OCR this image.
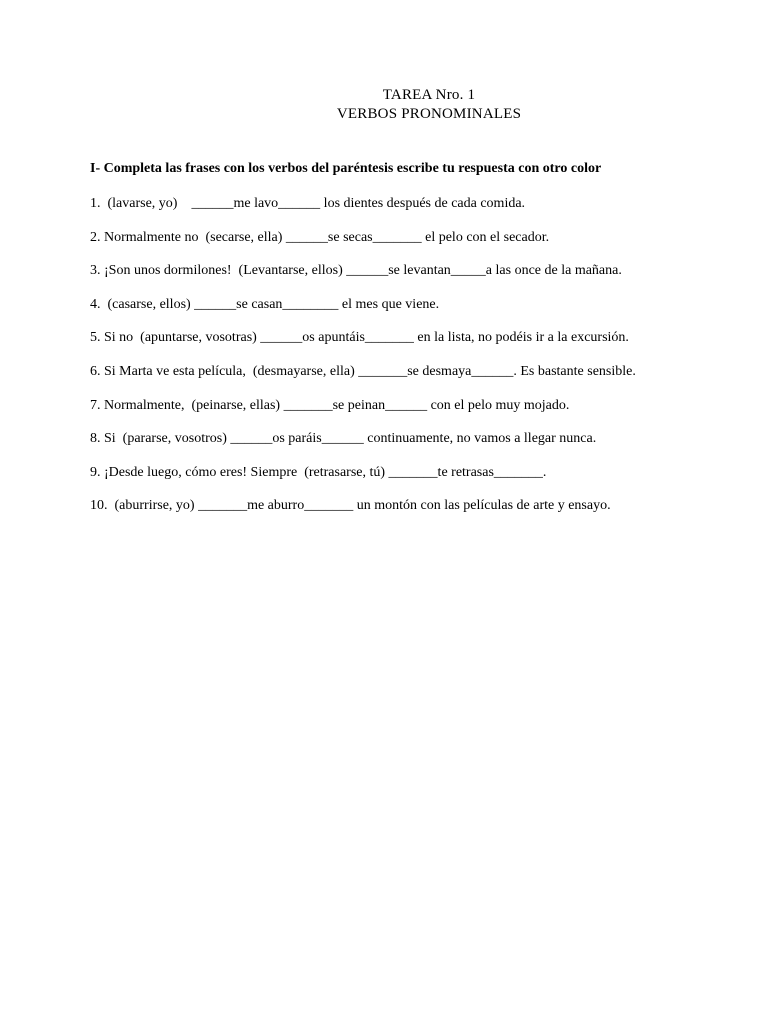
TAREA Nro. 1

VERBOS PRONOMINALES

I- Completa las frases con los verbos del paréntesis escribe tu respuesta con otro color

1.  (lavarse, yo)    ______me lavo______ los dientes después de cada comida.
2. Normalmente no  (secarse, ella) ______se secas_______ el pelo con el secador.
3. ¡Son unos dormilones!  (Levantarse, ellos) ______se levantan_____a las once de la mañana.
4.  (casarse, ellos) ______se casan________ el mes que viene.
5. Si no  (apuntarse, vosotras) ______os apuntáis_______ en la lista, no podéis ir a la excursión.
6. Si Marta ve esta película,  (desmayarse, ella) _______se desmaya______. Es bastante sensible.
7. Normalmente,  (peinarse, ellas) _______se peinan______ con el pelo muy mojado.
8. Si  (pararse, vosotros) ______os paráis______ continuamente, no vamos a llegar nunca.
9. ¡Desde luego, cómo eres! Siempre  (retrasarse, tú) _______te retrasas_______.
10.  (aburrirse, yo) _______me aburro_______ un montón con las películas de arte y ensayo.
